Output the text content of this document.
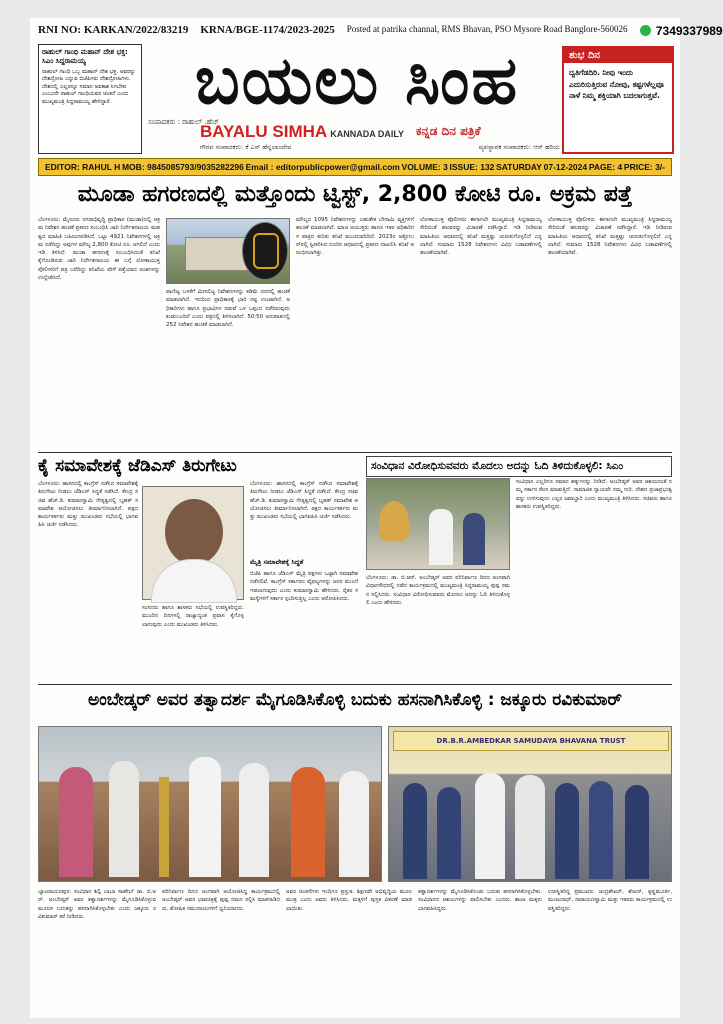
RNI NO: KARKAN/2022/83219 KRNA/BGE-1174/2023-2025 Posted at patrika channal, RMS Bhavan, PSO Mysore Road Banglore-560026	7349337989
ರಾಹುಲ್ ಗಾಂಧಿ ಮಹಾನ್ ದೇಶ ಭಕ್ತ: ಸಿಎಂ ಸಿದ್ದರಾಮಯ್ಯ
ರಾಹುಲ್ ಗಾಂಧಿ ಒಬ್ಬ ಮಹಾನ್ ದೇಶ ಭಕ್ತ. ಅವರನ್ನು ದೇಶದ್ರೋಹಿ ಎನ್ನುವ ಬಿಜೆಪಿಗರು ದೇಶದ್ರೋಹಿಗಳು. ದೇಶದಲ್ಲಿ ಎಲ್ಲರನ್ನೂ ಸಮಾನ ಅವಕಾಶ ಸಿಗಬೇಕು ಎಂಬುದೇ ರಾಹುಲ್ ಗಾಂಧಿಯವರ ಚಿಂತನೆ ಎಂದು ಮುಖ್ಯಮಂತ್ರಿ ಸಿದ್ದರಾಮಯ್ಯ ಹೇಳಿದ್ದಾರೆ.	ಬಯಲು ಸಿಂಹ
ಸಂಪಾದಕರು : ರಾಹುಲ್ .ಹೆಚ್
BAYALU SIMHA KANNADA DAILY ಕನ್ನಡ ದಿನ ಪತ್ರಿಕೆ
ಗೌರವ ಸಂಪಾದಕರು: ಕೆ ಎಸ್ ಹೆನ್ನಲಾಂದೇವ	ವ್ಯವಸ್ಥಾಪಕ ಸಂಪಾದಕರು: ಆರ್ ಹರಿಯ
ಶುಭ ದಿನ
ದ್ವತಿಗೆಡದಿರಿ. ನೀವು ಇಂದು ಎದುರಿಸುತ್ತಿರುವ ನೋವು, ಕಷ್ಟಗಳೆಲ್ಲವೂ ನಾಳೆ ನಿಮ್ಮ ಶಕ್ತಿಯಾಗಿ ಬದಲಾಗುತ್ತವೆ.
EDITOR: RAHUL H MOB: 9845085793/9035282296 Email : editorpublicpower@gmail.com VOLUME: 3 ISSUE: 132 SATURDAY 07-12-2024 PAGE: 4 PRICE: 3/-
ಮೂಡಾ ಹಗರಣದಲ್ಲಿ ಮತ್ತೊಂದು ಟ್ವಿಸ್ಟ್, 2,800 ಕೋಟಿ ರೂ. ಅಕ್ರಮ ಪತ್ತೆ

ಬೆಂಗಳೂರು: ಮೈಸೂರು ನಗರಾಭಿವೃದ್ಧಿ ಪ್ರಾಧಿಕಾರ (ಮುಡಾ)ದಲ್ಲಿ ಅಕ್ರಮ ನಿವೇಶನ ಹಂಚಿಕೆ ಪ್ರಕರಣ ಸಂಬಂಧಿಸಿ ಜಾರಿ ನಿರ್ದೇಶನಾಲಯ ಮಹತ್ವದ ಮಾಹಿತಿ ಬಹಿರಂಗಪಡಿಸಿದೆ. ಒಟ್ಟು 4921 ನಿವೇಶನಗಳಲ್ಲಿ ಅಕ್ರಮ ನಡೆದಿದ್ದು ಅವುಗಳ ಮೌಲ್ಯ 2,800 ಕೋಟಿ ರೂ. ಆಗಲಿದೆ ಎಂದು ಇಡಿ ತಿಳಿಸಿದೆ. ಮುಡಾ ಹಗರಣಕ್ಕೆ ಸಂಬಂಧಿಸಿದಂತೆ ತನಿಖೆ ಕೈಗೊಂಡಿರುವ ಜಾರಿ ನಿರ್ದೇಶನಾಲಯ ಈ ಬಗ್ಗೆ ಲೋಕಾಯುಕ್ತ ಪೊಲೀಸರಿಗೆ ಪತ್ರ ಬರೆದಿದ್ದು ತನಿಖೆಯ ವೇಳೆ ಪತ್ತೆಯಾದ ಅಂಶಗಳನ್ನು ಉಲ್ಲೇಖಿಸಿದೆ.

ವಾಣಿಜ್ಯ ಬಳಕೆಗೆ ಮೀಸಲಿಟ್ಟ ನಿವೇಶನಗಳನ್ನು ಕಡಿಮೆ ದರದಲ್ಲಿ ಹಂಚಿಕೆ ಮಾಡಲಾಗಿದೆ. ಇದರಿಂದ ಪ್ರಾಧಿಕಾರಕ್ಕೆ ಭಾರಿ ನಷ್ಟ ಉಂಟಾಗಿದೆ. ಅಧಿಕಾರಿಗಳು ಹಾಗೂ ಪ್ರಭಾವಿಗಳ ನಡುವೆ ಒಳ ಒಪ್ಪಂದ ನಡೆದಿರುವುದು ಕಂಡುಬಂದಿದೆ ಎಂದು ಪತ್ರದಲ್ಲಿ ತಿಳಿಸಲಾಗಿದೆ. 50:50 ಅನುಪಾತದಲ್ಲಿ 252 ನಿವೇಶನ ಹಂಚಿಕೆ ಮಾಡಲಾಗಿದೆ.

ಮೌಲ್ಯದ 1095 ನಿವೇಶನಗಳನ್ನು ಬಹುತೇಕ ಬೇನಾಮಿ ವ್ಯಕ್ತಿಗಳಿಗೆ ಹಂಚಿಕೆ ಮಾಡಲಾಗಿದೆ. ಮಾಜಿ ಆಯುಕ್ತರು ಹಾಗೂ ಇತರ ಅಧಿಕಾರಿಗಳ ಪಾತ್ರದ ಕುರಿತು ತನಿಖೆ ಮುಂದುವರಿದಿದೆ. 2023ರ ಅಕ್ಟೋಬರ್‌ನಲ್ಲಿ ಸ್ವೀಕರಿಸಿದ ದೂರಿನ ಆಧಾರದಲ್ಲಿ ಪ್ರಕರಣ ದಾಖಲಿಸಿ ತನಿಖೆ ಆರಂಭಿಸಲಾಗಿತ್ತು.

ಲೋಕಾಯುಕ್ತ ಪೊಲೀಸರು ಈಗಾಗಲೇ ಮುಖ್ಯಮಂತ್ರಿ ಸಿದ್ದರಾಮಯ್ಯ ಸೇರಿದಂತೆ ಹಲವರನ್ನು ವಿಚಾರಣೆ ನಡೆಸಿದ್ದಾರೆ. ಇಡಿ ನೀಡಿರುವ ಮಾಹಿತಿಯ ಆಧಾರದಲ್ಲಿ ತನಿಖೆ ಮತ್ತಷ್ಟು ಚುರುಕುಗೊಳ್ಳಲಿದೆ ಎನ್ನಲಾಗಿದೆ. ಸುಮಾರು 1528 ನಿವೇಶನಗಳು ವಿವಿಧ ಬಡಾವಣೆಗಳಲ್ಲಿ ಹಂಚಿಕೆಯಾಗಿವೆ.

ಲೋಕಾಯುಕ್ತ ಪೊಲೀಸರು ಈಗಾಗಲೇ ಮುಖ್ಯಮಂತ್ರಿ ಸಿದ್ದರಾಮಯ್ಯ ಸೇರಿದಂತೆ ಹಲವರನ್ನು ವಿಚಾರಣೆ ನಡೆಸಿದ್ದಾರೆ. ಇಡಿ ನೀಡಿರುವ ಮಾಹಿತಿಯ ಆಧಾರದಲ್ಲಿ ತನಿಖೆ ಮತ್ತಷ್ಟು ಚುರುಕುಗೊಳ್ಳಲಿದೆ ಎನ್ನಲಾಗಿದೆ. ಸುಮಾರು 1528 ನಿವೇಶನಗಳು ವಿವಿಧ ಬಡಾವಣೆಗಳಲ್ಲಿ ಹಂಚಿಕೆಯಾಗಿವೆ.

ಕೈ ಸಮಾವೇಶಕ್ಕೆ ಜೆಡಿಎಸ್ ತಿರುಗೇಟು

ಬೆಂಗಳೂರು: ಹಾಸನದಲ್ಲಿ ಕಾಂಗ್ರೆಸ್ ನಡೆಸಿದ ಸಮಾವೇಶಕ್ಕೆ ತಿರುಗೇಟು ನೀಡಲು ಜೆಡಿಎಸ್ ಸಿದ್ಧತೆ ನಡೆಸಿದೆ. ಕೇಂದ್ರ ಸಚಿವ ಹೆಚ್.ಡಿ. ಕುಮಾರಸ್ವಾಮಿ ನೇತೃತ್ವದಲ್ಲಿ ಬೃಹತ್ ಸಮಾವೇಶ ಆಯೋಜಿಸಲು ತೀರ್ಮಾನಿಸಲಾಗಿದೆ. ಪಕ್ಷದ ಕಾರ್ಯಕರ್ತರು ಮತ್ತು ಮುಖಂಡರು ಸಭೆಯಲ್ಲಿ ಭಾಗವಹಿಸಿ ಚರ್ಚೆ ನಡೆಸಿದರು.

ಸಂಸದರು ಹಾಗೂ ಶಾಸಕರು ಸಭೆಯಲ್ಲಿ ಉಪಸ್ಥಿತರಿದ್ದರು. ಮುಂದಿನ ದಿನಗಳಲ್ಲಿ ರಾಜ್ಯಾದ್ಯಂತ ಪ್ರವಾಸ ಕೈಗೊಳ್ಳಲಾಗುವುದು ಎಂದು ಮುಖಂಡರು ತಿಳಿಸಿದರು.

ಮೈತ್ರಿ ಸಮಾವೇಶಕ್ಕೆ ಸಿದ್ಧತೆ

ಬೆಂಗಳೂರು: ಹಾಸನದಲ್ಲಿ ಕಾಂಗ್ರೆಸ್ ನಡೆಸಿದ ಸಮಾವೇಶಕ್ಕೆ ತಿರುಗೇಟು ನೀಡಲು ಜೆಡಿಎಸ್ ಸಿದ್ಧತೆ ನಡೆಸಿದೆ. ಕೇಂದ್ರ ಸಚಿವ ಹೆಚ್.ಡಿ. ಕುಮಾರಸ್ವಾಮಿ ನೇತೃತ್ವದಲ್ಲಿ ಬೃಹತ್ ಸಮಾವೇಶ ಆಯೋಜಿಸಲು ತೀರ್ಮಾನಿಸಲಾಗಿದೆ. ಪಕ್ಷದ ಕಾರ್ಯಕರ್ತರು ಮತ್ತು ಮುಖಂಡರು ಸಭೆಯಲ್ಲಿ ಭಾಗವಹಿಸಿ ಚರ್ಚೆ ನಡೆಸಿದರು.

ಬಿಜೆಪಿ ಹಾಗೂ ಜೆಡಿಎಸ್ ಮೈತ್ರಿ ಪಕ್ಷಗಳು ಒಟ್ಟಾಗಿ ಸಮಾವೇಶ ನಡೆಸಲಿವೆ. ಕಾಂಗ್ರೆಸ್ ಸರ್ಕಾರದ ವೈಫಲ್ಯಗಳನ್ನು ಜನರ ಮುಂದೆ ಇಡಲಾಗುವುದು ಎಂದು ಕುಮಾರಸ್ವಾಮಿ ಹೇಳಿದರು. ರೈತರ ಸಮಸ್ಯೆಗಳಿಗೆ ಸರ್ಕಾರ ಸ್ಪಂದಿಸುತ್ತಿಲ್ಲ ಎಂದು ಆರೋಪಿಸಿದರು.

ಸಂವಿಧಾನ ವಿರೋಧಿಸುವವರು ಮೊದಲು ಅದನ್ನು ಓದಿ ತಿಳಿದುಕೊಳ್ಳಲಿ: ಸಿಎಂ

ಬೆಂಗಳೂರು: ಡಾ. ಬಿ.ಆರ್. ಅಂಬೇಡ್ಕರ್ ಅವರ ಪರಿನಿರ್ವಾಣ ದಿನದ ಅಂಗವಾಗಿ ವಿಧಾನಸೌಧದಲ್ಲಿ ನಡೆದ ಕಾರ್ಯಕ್ರಮದಲ್ಲಿ ಮುಖ್ಯಮಂತ್ರಿ ಸಿದ್ದರಾಮಯ್ಯ ಪುಷ್ಪ ನಮನ ಸಲ್ಲಿಸಿದರು. ಸಂವಿಧಾನ ವಿರೋಧಿಸುವವರು ಮೊದಲು ಅದನ್ನು ಓದಿ ತಿಳಿದುಕೊಳ್ಳಲಿ ಎಂದು ಹೇಳಿದರು.

ಸಂವಿಧಾನ ಎಲ್ಲರಿಗೂ ಸಮಾನ ಹಕ್ಕುಗಳನ್ನು ನೀಡಿದೆ. ಅಂಬೇಡ್ಕರ್ ಅವರ ಆಶಯದಂತೆ ನಮ್ಮ ಸರ್ಕಾರ ಕೆಲಸ ಮಾಡುತ್ತಿದೆ. ಸಾಮಾಜಿಕ ನ್ಯಾಯವೇ ನಮ್ಮ ಗುರಿ. ದೇಶದ ಪ್ರಜಾಪ್ರಭುತ್ವವನ್ನು ಉಳಿಸುವುದು ಎಲ್ಲರ ಜವಾಬ್ದಾರಿ ಎಂದು ಮುಖ್ಯಮಂತ್ರಿ ತಿಳಿಸಿದರು. ಸಚಿವರು ಹಾಗೂ ಶಾಸಕರು ಉಪಸ್ಥಿತರಿದ್ದರು.

ಅಂಬೇಡ್ಕರ್ ಅವರ ತತ್ವಾದರ್ಶ ಮೈಗೂಡಿಸಿಕೊಳ್ಳಿ ಬದುಕು ಹಸನಾಗಿಸಿಕೊಳ್ಳಿ : ಜಕ್ಕೂರು ರವಿಕುಮಾರ್
DR.B.R.AMBEDKAR SAMUDAYA BHAVANA TRUST

ಬ್ಯಾಟರಾಯನಪುರ: ಸಂವಿಧಾನ ಶಿಲ್ಪಿ ಬಾಬಾ ಸಾಹೇಬ್ ಡಾ. ಬಿ.ಆರ್. ಅಂಬೇಡ್ಕರ್ ಅವರ ತತ್ವಾದರ್ಶಗಳನ್ನು ಮೈಗೂಡಿಸಿಕೊಳ್ಳುವ ಮೂಲಕ ಬದುಕನ್ನು ಹಸನಾಗಿಸಿಕೊಳ್ಳಬೇಕು ಎಂದು ಜಕ್ಕೂರು ರವಿಕುಮಾರ್ ಕರೆ ನೀಡಿದರು.

ಪರಿನಿರ್ವಾಣ ದಿನದ ಅಂಗವಾಗಿ ಆಯೋಜಿಸಿದ್ದ ಕಾರ್ಯಕ್ರಮದಲ್ಲಿ ಅಂಬೇಡ್ಕರ್ ಅವರ ಭಾವಚಿತ್ರಕ್ಕೆ ಪುಷ್ಪ ನಮನ ಸಲ್ಲಿಸಿ ಮಾತನಾಡಿದರು. ಶೋಷಿತ ಸಮುದಾಯಗಳಿಗೆ ಧ್ವನಿಯಾದರು.

ಅವರ ಚಿಂತನೆಗಳು ಇಂದಿಗೂ ಪ್ರಸ್ತುತ. ಶಿಕ್ಷಣವೇ ಅಭಿವೃದ್ಧಿಯ ಮೂಲ ಮಂತ್ರ ಎಂದು ಅವರು ತಿಳಿಸಿದರು. ಮಕ್ಕಳಿಗೆ ಪುಸ್ತಕ ವಿತರಣೆ ಮಾಡಲಾಯಿತು.

ತತ್ವಾದರ್ಶಗಳನ್ನು ಮೈಗೂಡಿಸಿಕೊಂಡು ಬದುಕು ಹಸನಾಗಿಸಿಕೊಳ್ಳಬೇಕು. ಸಂವಿಧಾನದ ಆಶಯಗಳನ್ನು ಪಾಲಿಸಬೇಕು ಎಂದರು. ಶಾಲಾ ಮಕ್ಕಳು ಭಾಗವಹಿಸಿದ್ದರು.

ಉಪಸ್ಥಿತರಿದ್ದ ಪ್ರಮುಖರು ಚಂದ್ರಶೇಖರ್, ಶೇಖರ್, ಕೃಷ್ಣಮೂರ್ತಿ, ಮಂಜುನಾಥ್, ನಾರಾಯಣಸ್ವಾಮಿ ಮತ್ತು ಇತರರು ಕಾರ್ಯಕ್ರಮದಲ್ಲಿ ಉಪಸ್ಥಿತರಿದ್ದರು.
